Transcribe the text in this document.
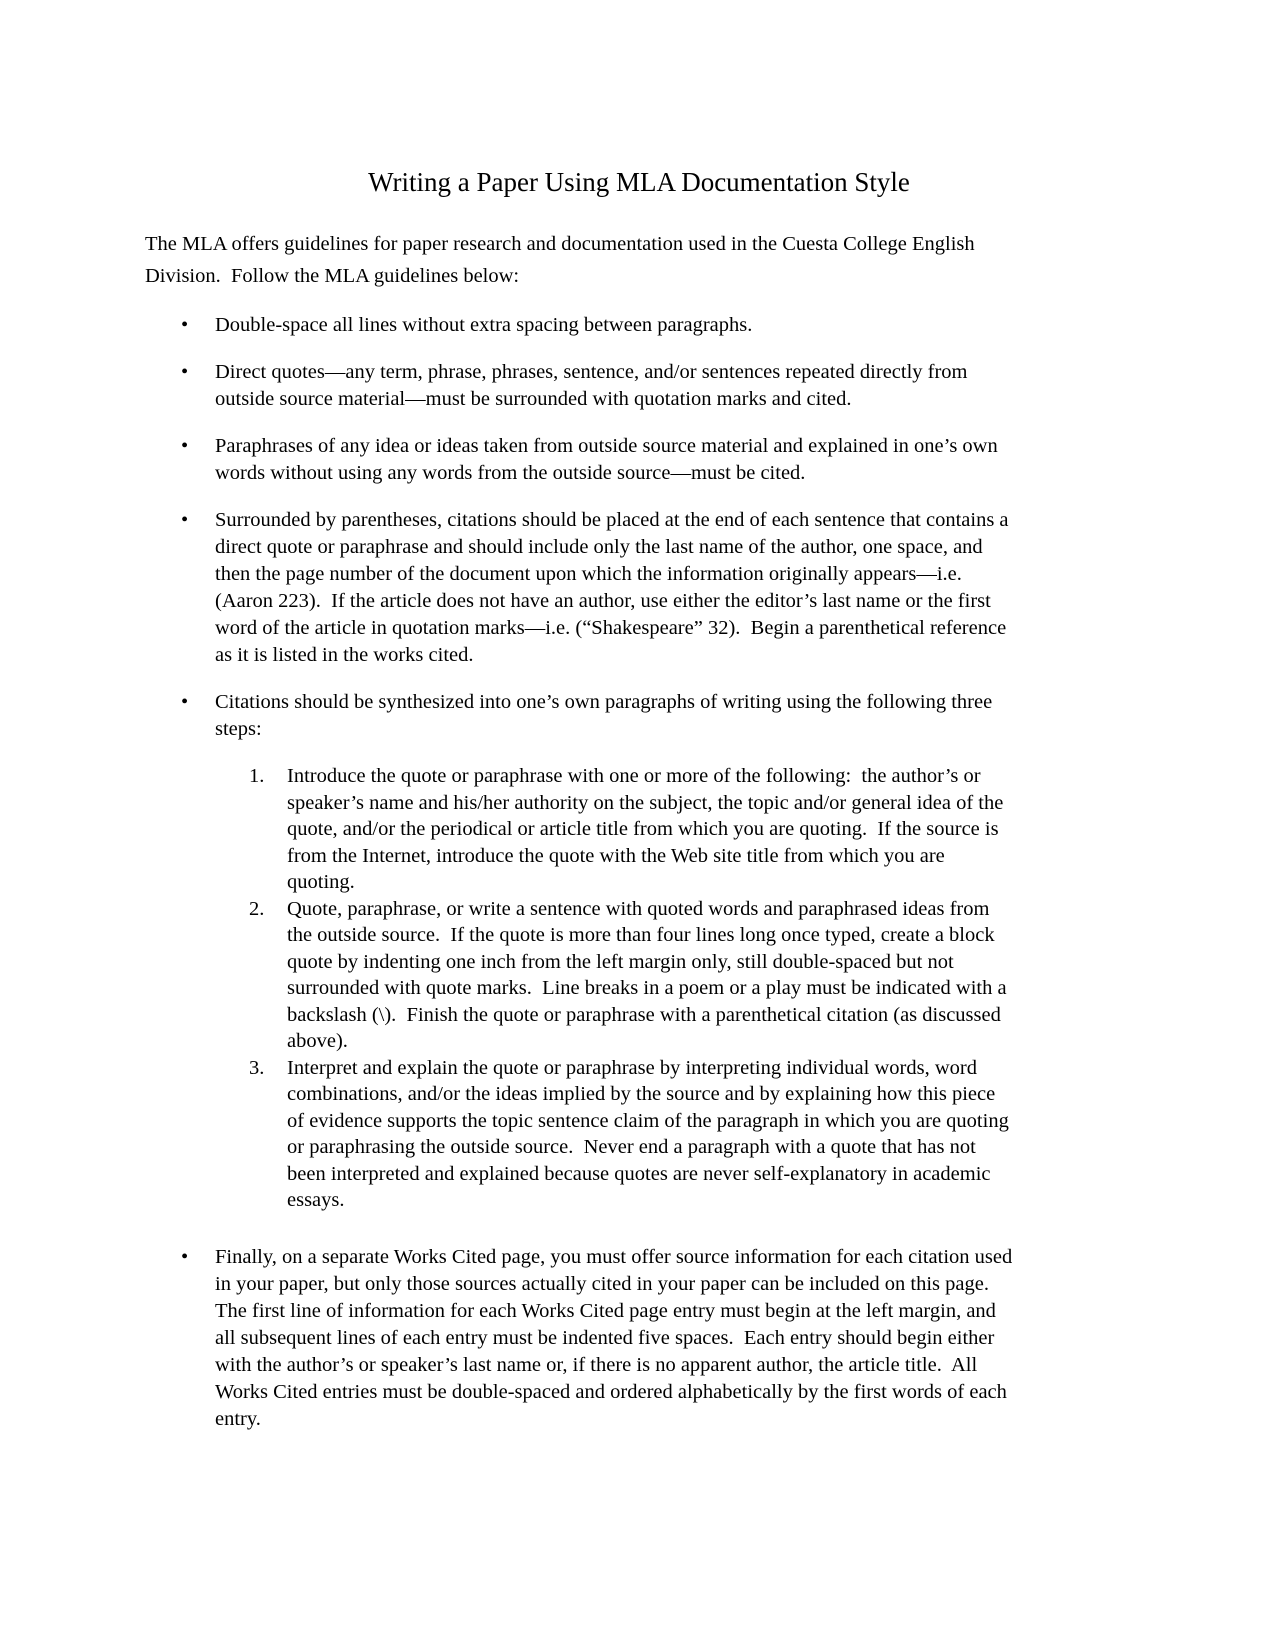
Writing a Paper Using MLA Documentation Style

The MLA offers guidelines for paper research and documentation used in the Cuesta College English Division.  Follow the MLA guidelines below:

•	Double-space all lines without extra spacing between paragraphs.
•	Direct quotes—any term, phrase, phrases, sentence, and/or sentences repeated directly from outside source material—must be surrounded with quotation marks and cited.
•	Paraphrases of any idea or ideas taken from outside source material and explained in one’s own words without using any words from the outside source—must be cited.
•	Surrounded by parentheses, citations should be placed at the end of each sentence that contains a direct quote or paraphrase and should include only the last name of the author, one space, and then the page number of the document upon which the information originally appears—i.e. (Aaron 223).  If the article does not have an author, use either the editor’s last name or the first word of the article in quotation marks—i.e. (“Shakespeare” 32).  Begin a parenthetical reference as it is listed in the works cited.
•	Citations should be synthesized into one’s own paragraphs of writing using the following three steps:
1.	Introduce the quote or paraphrase with one or more of the following:  the author’s or speaker’s name and his/her authority on the subject, the topic and/or general idea of the quote, and/or the periodical or article title from which you are quoting.  If the source is from the Internet, introduce the quote with the Web site title from which you are quoting.
2.	Quote, paraphrase, or write a sentence with quoted words and paraphrased ideas from the outside source.  If the quote is more than four lines long once typed, create a block quote by indenting one inch from the left margin only, still double-spaced but not surrounded with quote marks.  Line breaks in a poem or a play must be indicated with a backslash (\).  Finish the quote or paraphrase with a parenthetical citation (as discussed above).
3.	Interpret and explain the quote or paraphrase by interpreting individual words, word combinations, and/or the ideas implied by the source and by explaining how this piece of evidence supports the topic sentence claim of the paragraph in which you are quoting or paraphrasing the outside source.  Never end a paragraph with a quote that has not been interpreted and explained because quotes are never self-explanatory in academic essays.
•	Finally, on a separate Works Cited page, you must offer source information for each citation used in your paper, but only those sources actually cited in your paper can be included on this page.  The first line of information for each Works Cited page entry must begin at the left margin, and all subsequent lines of each entry must be indented five spaces.  Each entry should begin either with the author’s or speaker’s last name or, if there is no apparent author, the article title.  All Works Cited entries must be double-spaced and ordered alphabetically by the first words of each entry.
